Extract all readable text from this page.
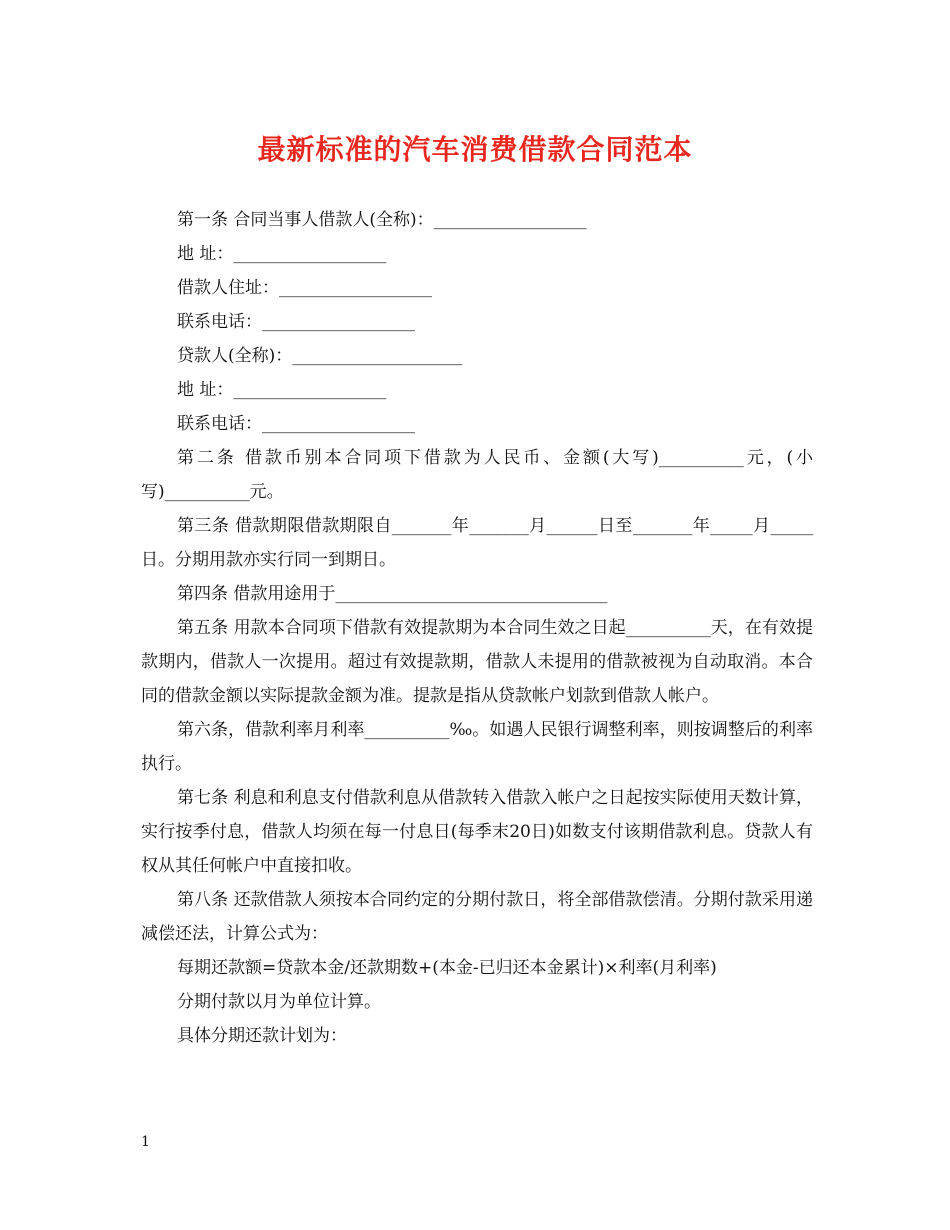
最新标准的汽车消费借款合同范本

第一条 合同当事人借款人(全称)：__________________

地 址：__________________

借款人住址：__________________

联系电话：__________________

贷款人(全称)：____________________

地 址：__________________

联系电话：__________________

第二条 借款币别本合同项下借款为人民币、金额(大写)__________元，(小写)__________元。

第三条 借款期限借款期限自_______年_______月______日至_______年_____月_____日。分期用款亦实行同一到期日。

第四条 借款用途用于________________________________

第五条 用款本合同项下借款有效提款期为本合同生效之日起__________天，在有效提款期内，借款人一次提用。超过有效提款期，借款人未提用的借款被视为自动取消。本合同的借款金额以实际提款金额为准。提款是指从贷款帐户划款到借款人帐户。

第六条，借款利率月利率__________‰。如遇人民银行调整利率，则按调整后的利率执行。

第七条 利息和利息支付借款利息从借款转入借款入帐户之日起按实际使用天数计算，实行按季付息，借款人均须在每一付息日(每季末20日)如数支付该期借款利息。贷款人有权从其任何帐户中直接扣收。

第八条 还款借款人须按本合同约定的分期付款日，将全部借款偿清。分期付款采用递减偿还法，计算公式为：

每期还款额=贷款本金/还款期数+(本金-已归还本金累计)×利率(月利率)

分期付款以月为单位计算。

具体分期还款计划为：

1
